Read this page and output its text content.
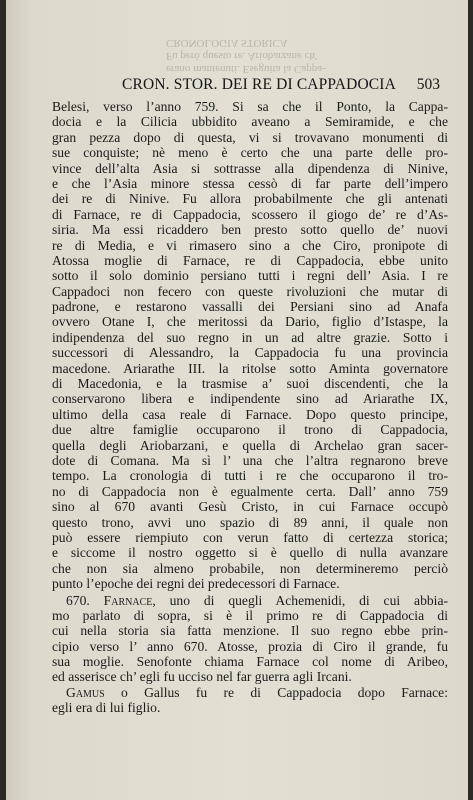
CRONOLOGIA STORICA
Fu però questo re. Ariobarzane ch'
erano mantenuti. Eseguita la Cappa-
CRON. STOR. DEI RE DI CAPPADOCIA 503
Belesi, verso l’anno 759. Si sa che il Ponto, la Cappa-
docia e la Cilicia ubbidito aveano a Semiramide, e che
gran pezza dopo di questa, vi si trovavano monumenti di
sue conquiste; nè meno è certo che una parte delle pro-
vince dell’alta Asia si sottrasse alla dipendenza di Ninive,
e che l’Asia minore stessa cessò di far parte dell’impero
dei re di Ninive. Fu allora probabilmente che gli antenati
di Farnace, re di Cappadocia, scossero il giogo de’ re d’As-
siria. Ma essi ricaddero ben presto sotto quello de’ nuovi
re di Media, e vi rimasero sino a che Ciro, pronipote di
Atossa moglie di Farnace, re di Cappadocia, ebbe unito
sotto il solo dominio persiano tutti i regni dell’ Asia. I re
Cappadoci non fecero con queste rivoluzioni che mutar di
padrone, e restarono vassalli dei Persiani sino ad Anafa
ovvero Otane I, che meritossi da Dario, figlio d’Istaspe, la
indipendenza del suo regno in un ad altre grazie. Sotto i
successori di Alessandro, la Cappadocia fu una provincia
macedone. Ariarathe III. la ritolse sotto Aminta governatore
di Macedonia, e la trasmise a’ suoi discendenti, che la
conservarono libera e indipendente sino ad Ariarathe IX,
ultimo della casa reale di Farnace. Dopo questo principe,
due altre famiglie occuparono il trono di Cappadocia,
quella degli Ariobarzani, e quella di Archelao gran sacer-
dote di Comana. Ma sì l’ una che l’altra regnarono breve
tempo. La cronologia di tutti i re che occuparono il tro-
no di Cappadocia non è egualmente certa. Dall’ anno 759
sino al 670 avanti Gesù Cristo, in cui Farnace occupò
questo trono, avvi uno spazio di 89 anni, il quale non
può essere riempiuto con verun fatto di certezza storica;
e siccome il nostro oggetto si è quello di nulla avanzare
che non sia almeno probabile, non determineremo perciò
punto l’epoche dei regni dei predecessori di Farnace.
670. Farnace, uno di quegli Achemenidi, di cui abbia-
mo parlato di sopra, si è il primo re di Cappadocia di
cui nella storia sia fatta menzione. Il suo regno ebbe prin-
cipio verso l’ anno 670. Atosse, prozia di Ciro il grande, fu
sua moglie. Senofonte chiama Farnace col nome di Aribeo,
ed asserisce ch’ egli fu ucciso nel far guerra agli Ircani.
Gamus o Gallus fu re di Cappadocia dopo Farnace:
egli era di lui figlio.
